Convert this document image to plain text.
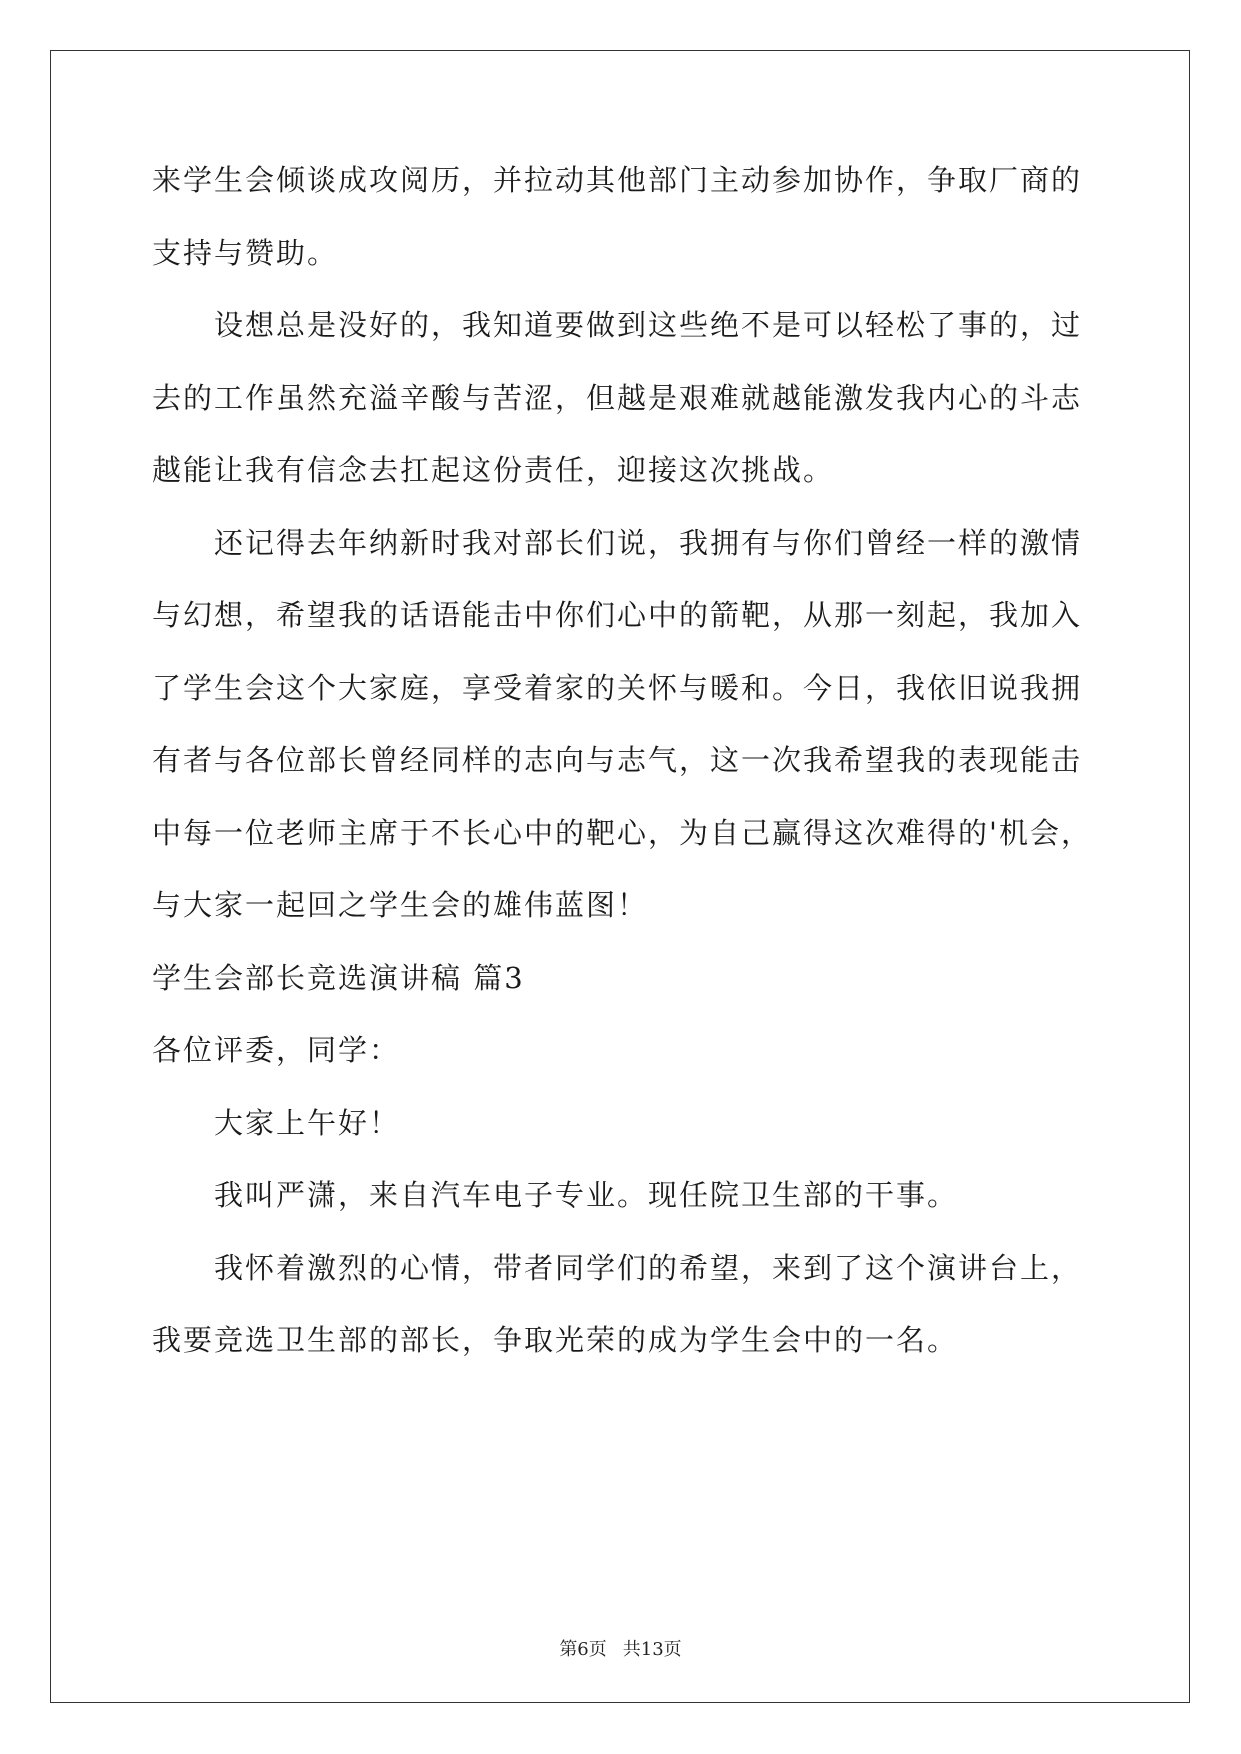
来学生会倾谈成攻阅历，并拉动其他部门主动参加协作，争取厂商的
支持与赞助。
设想总是没好的，我知道要做到这些绝不是可以轻松了事的，过
去的工作虽然充溢辛酸与苦涩，但越是艰难就越能激发我内心的斗志
越能让我有信念去扛起这份责任，迎接这次挑战。
还记得去年纳新时我对部长们说，我拥有与你们曾经一样的激情
与幻想，希望我的话语能击中你们心中的箭靶，从那一刻起，我加入
了学生会这个大家庭，享受着家的关怀与暖和。今日，我依旧说我拥
有者与各位部长曾经同样的志向与志气，这一次我希望我的表现能击
中每一位老师主席于不长心中的靶心，为自己赢得这次难得的'机会，
与大家一起回之学生会的雄伟蓝图！
学生会部长竞选演讲稿 篇3
各位评委，同学：
大家上午好！
我叫严潇，来自汽车电子专业。现任院卫生部的干事。
我怀着激烈的心情，带者同学们的希望，来到了这个演讲台上，
我要竞选卫生部的部长，争取光荣的成为学生会中的一名。
第6页 共13页
